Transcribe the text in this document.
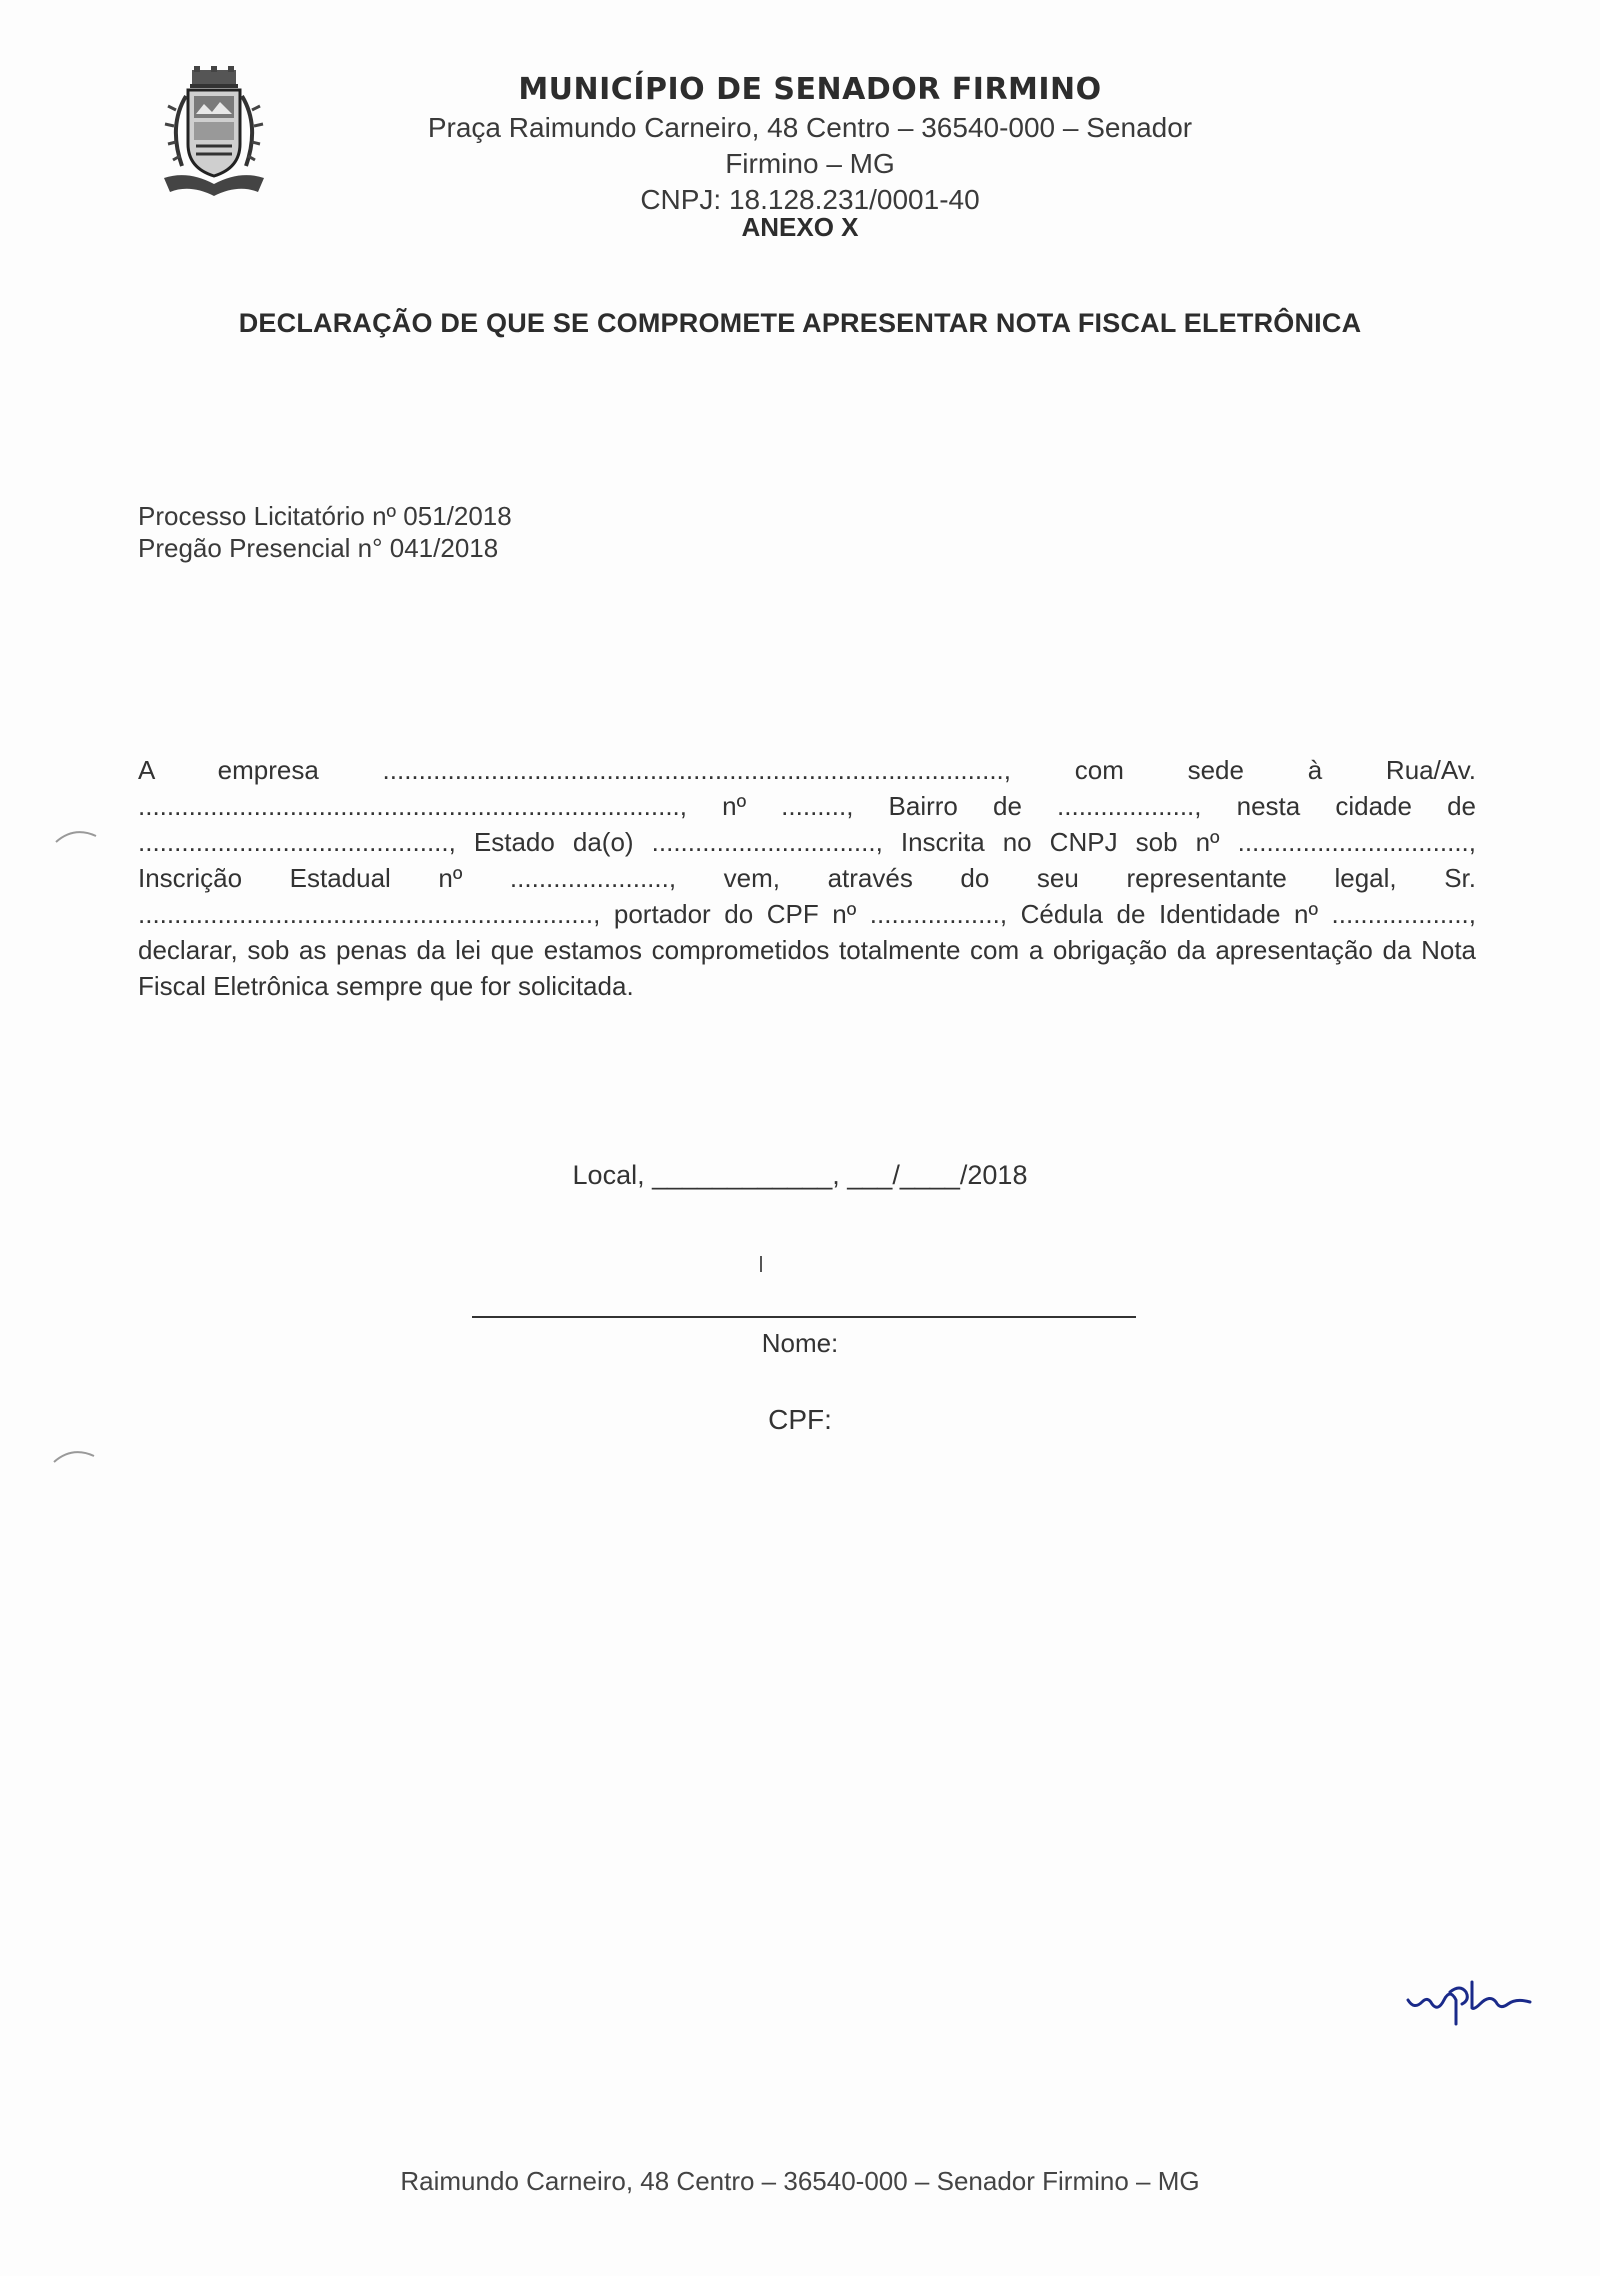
MUNICÍPIO DE SENADOR FIRMINO
Praça Raimundo Carneiro, 48 Centro – 36540-000 – Senador Firmino – MG
CNPJ: 18.128.231/0001-40
ANEXO X
DECLARAÇÃO DE QUE SE COMPROMETE APRESENTAR NOTA FISCAL ELETRÔNICA
Processo Licitatório nº 051/2018
Pregão Presencial n° 041/2018
A empresa ......................................................................................, com sede à Rua/Av. ..........................................................................., nº ........., Bairro de ..................., nesta cidade de ..........................................., Estado da(o) ..............................., Inscrita no CNPJ sob nº ................................, Inscrição Estadual nº ......................, vem, através do seu representante legal, Sr. ..............................................................., portador do CPF nº .................., Cédula de Identidade nº ..................., declarar, sob as penas da lei que estamos comprometidos totalmente com a obrigação da apresentação da Nota Fiscal Eletrônica sempre que for solicitada.
Local, ____________, ___/____/2018
Nome:
CPF:
Raimundo Carneiro, 48 Centro – 36540-000 – Senador Firmino – MG
